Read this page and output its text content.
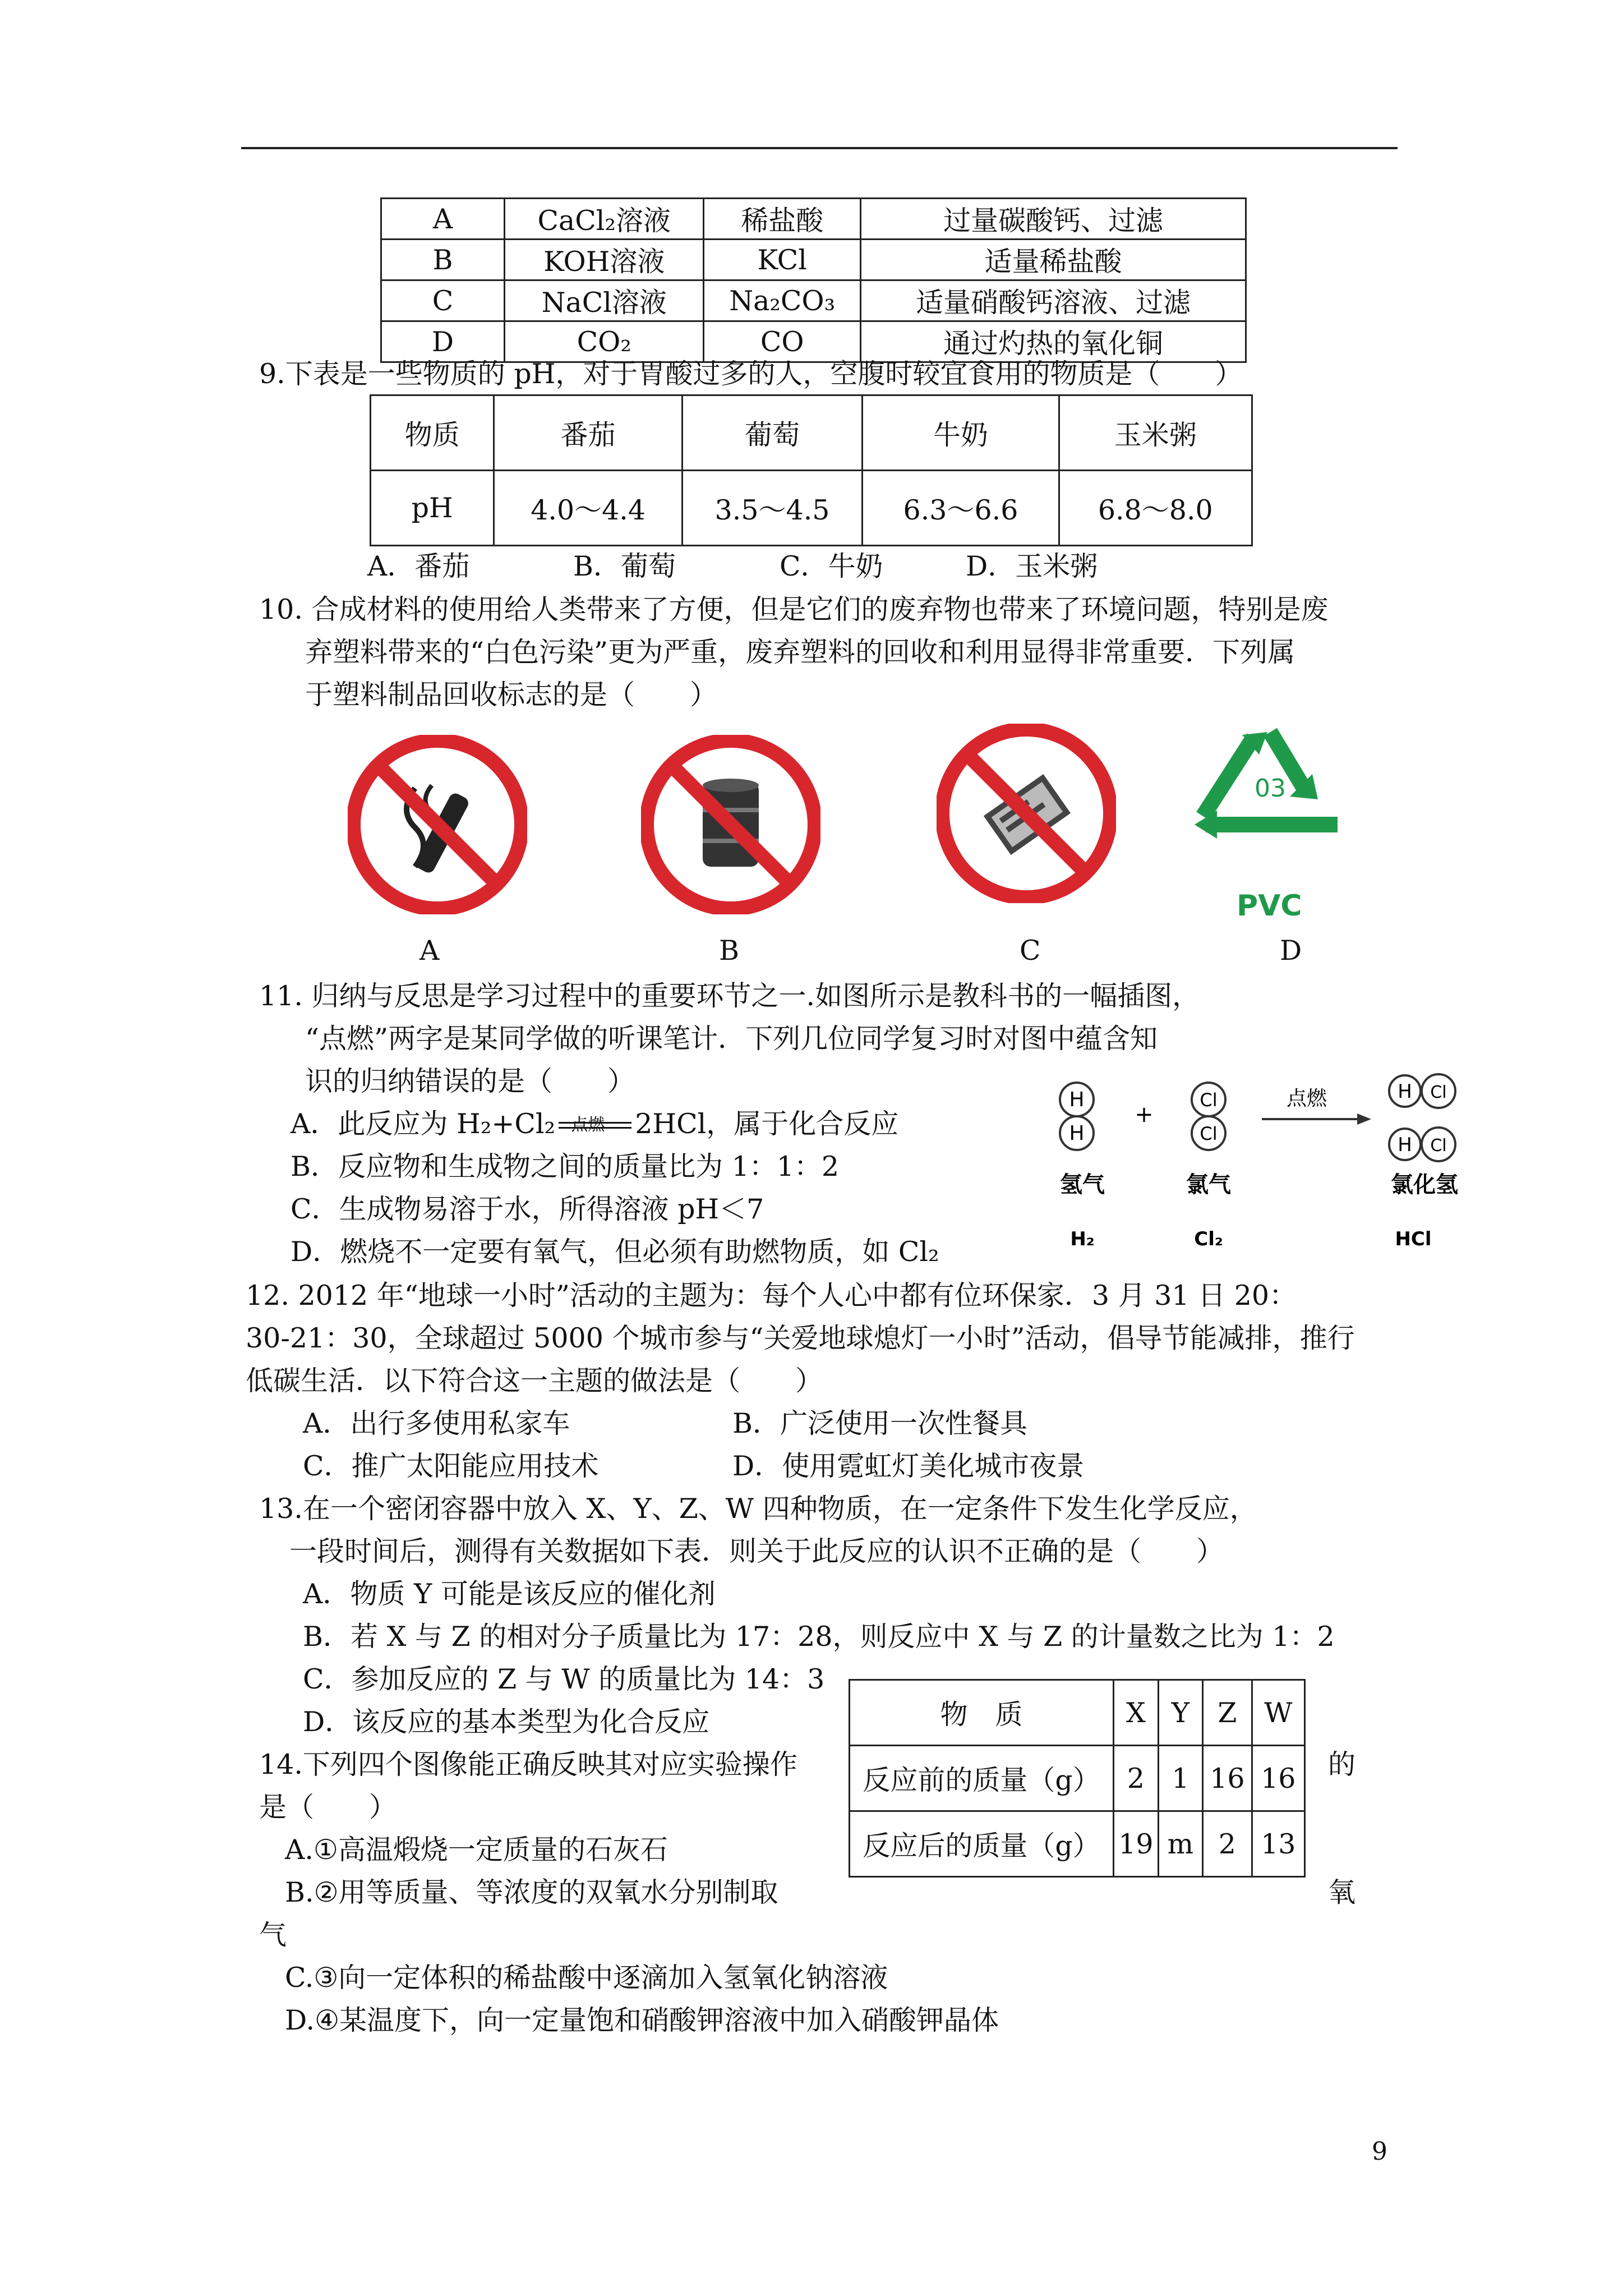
A	CaCl₂溶液	稀盐酸	过量碳酸钙、过滤
B	KOH溶液	KCl	适量稀盐酸
C	NaCl溶液	Na₂CO₃	适量硝酸钙溶液、过滤
D	CO₂	CO	通过灼热的氧化铜
9.下表是一些物质的 pH，对于胃酸过多的人，空腹时较宜食用的物质是（　　）
物质	番茄	葡萄	牛奶	玉米粥
pH	4.0～4.4	3.5～4.5	6.3～6.6	6.8～8.0
A．番茄	B．葡萄	C．牛奶	D．玉米粥
10. 合成材料的使用给人类带来了方便，但是它们的废弃物也带来了环境问题，特别是废
弃塑料带来的“白色污染”更为严重，废弃塑料的回收和利用显得非常重要．下列属
于塑料制品回收标志的是（　　）
03
PVC
A	B	C	D
11. 归纳与反思是学习过程中的重要环节之一.如图所示是教科书的一幅插图，
“点燃”两字是某同学做的听课笔计．下列几位同学复习时对图中蕴含知
识的归纳错误的是（　　）
A．此反应为 H₂+Cl₂ 点燃 2HCl，属于化合反应
B．反应物和生成物之间的质量比为 1：1：2
C．生成物易溶于水，所得溶液 pH＜7
D．燃烧不一定要有氧气，但必须有助燃物质，如 Cl₂
H
H
+
Cl
Cl
点燃	H Cl
H Cl
氢气	氯气	氯化氢
H₂	Cl₂	HCl
12. 2012 年“地球一小时”活动的主题为：每个人心中都有位环保家．3 月 31 日 20：
30-21：30，全球超过 5000 个城市参与“关爱地球熄灯一小时”活动，倡导节能减排，推行
低碳生活．以下符合这一主题的做法是（　　）
A．出行多使用私家车	B．广泛使用一次性餐具
C．推广太阳能应用技术	D．使用霓虹灯美化城市夜景
13.在一个密闭容器中放入 X、Y、Z、W 四种物质，在一定条件下发生化学反应，
一段时间后，测得有关数据如下表．则关于此反应的认识不正确的是（　　）
A．物质 Y 可能是该反应的催化剂
B．若 X 与 Z 的相对分子质量比为 17：28，则反应中 X 与 Z 的计量数之比为 1：2
C．参加反应的 Z 与 W 的质量比为 14：3
D．该反应的基本类型为化合反应	物　质	X	Y	Z	W
反应前的质量（g）	2	1	16	16
反应后的质量（g）	19	m	2	13
14.下列四个图像能正确反映其对应实验操作	的
是（　　）
A.①高温煅烧一定质量的石灰石
B.②用等质量、等浓度的双氧水分别制取	氧
气
C.③向一定体积的稀盐酸中逐滴加入氢氧化钠溶液
D.④某温度下，向一定量饱和硝酸钾溶液中加入硝酸钾晶体
9
